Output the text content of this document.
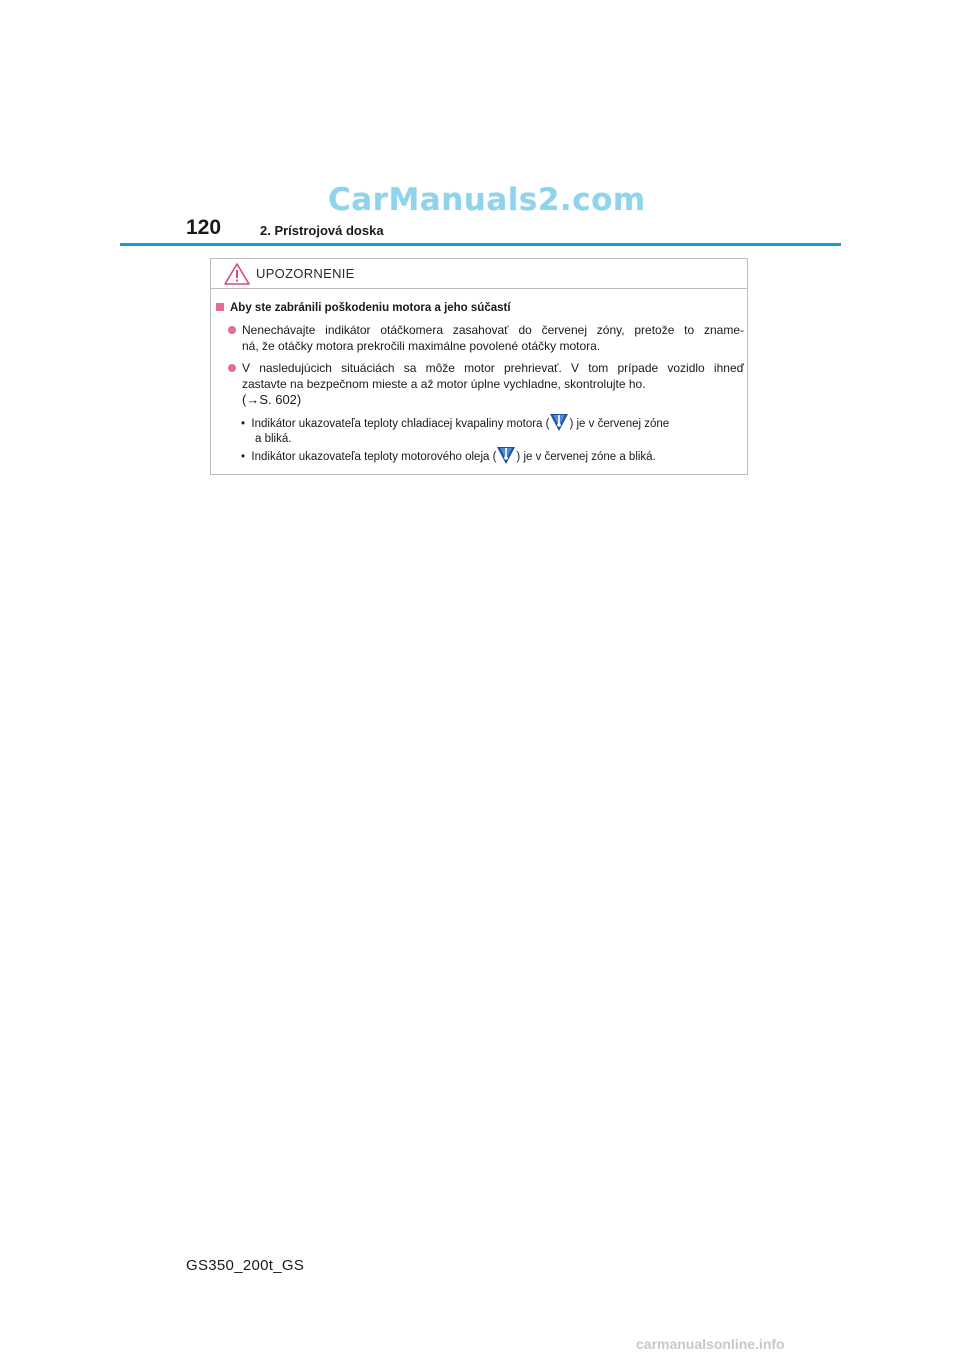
CarManuals2.com
120	2. Prístrojová doska
UPOZORNENIE
Aby ste zabránili poškodeniu motora a jeho súčastí
Nenechávajte indikátor otáčkomera zasahovať do červenej zóny, pretože to zname-
ná, že otáčky motora prekročili maximálne povolené otáčky motora.
V nasledujúcich situáciách sa môže motor prehrievať. V tom prípade vozidlo ihneď
zastavte na bezpečnom mieste a až motor úplne vychladne, skontrolujte ho.
(→S. 602)
•  Indikátor ukazovateľa teploty chladiacej kvapaliny motora ( ) je v červenej zóne
a bliká.
•  Indikátor ukazovateľa teploty motorového oleja ( ) je v červenej zóne a bliká.
GS350_200t_GS
carmanualsonline.info
